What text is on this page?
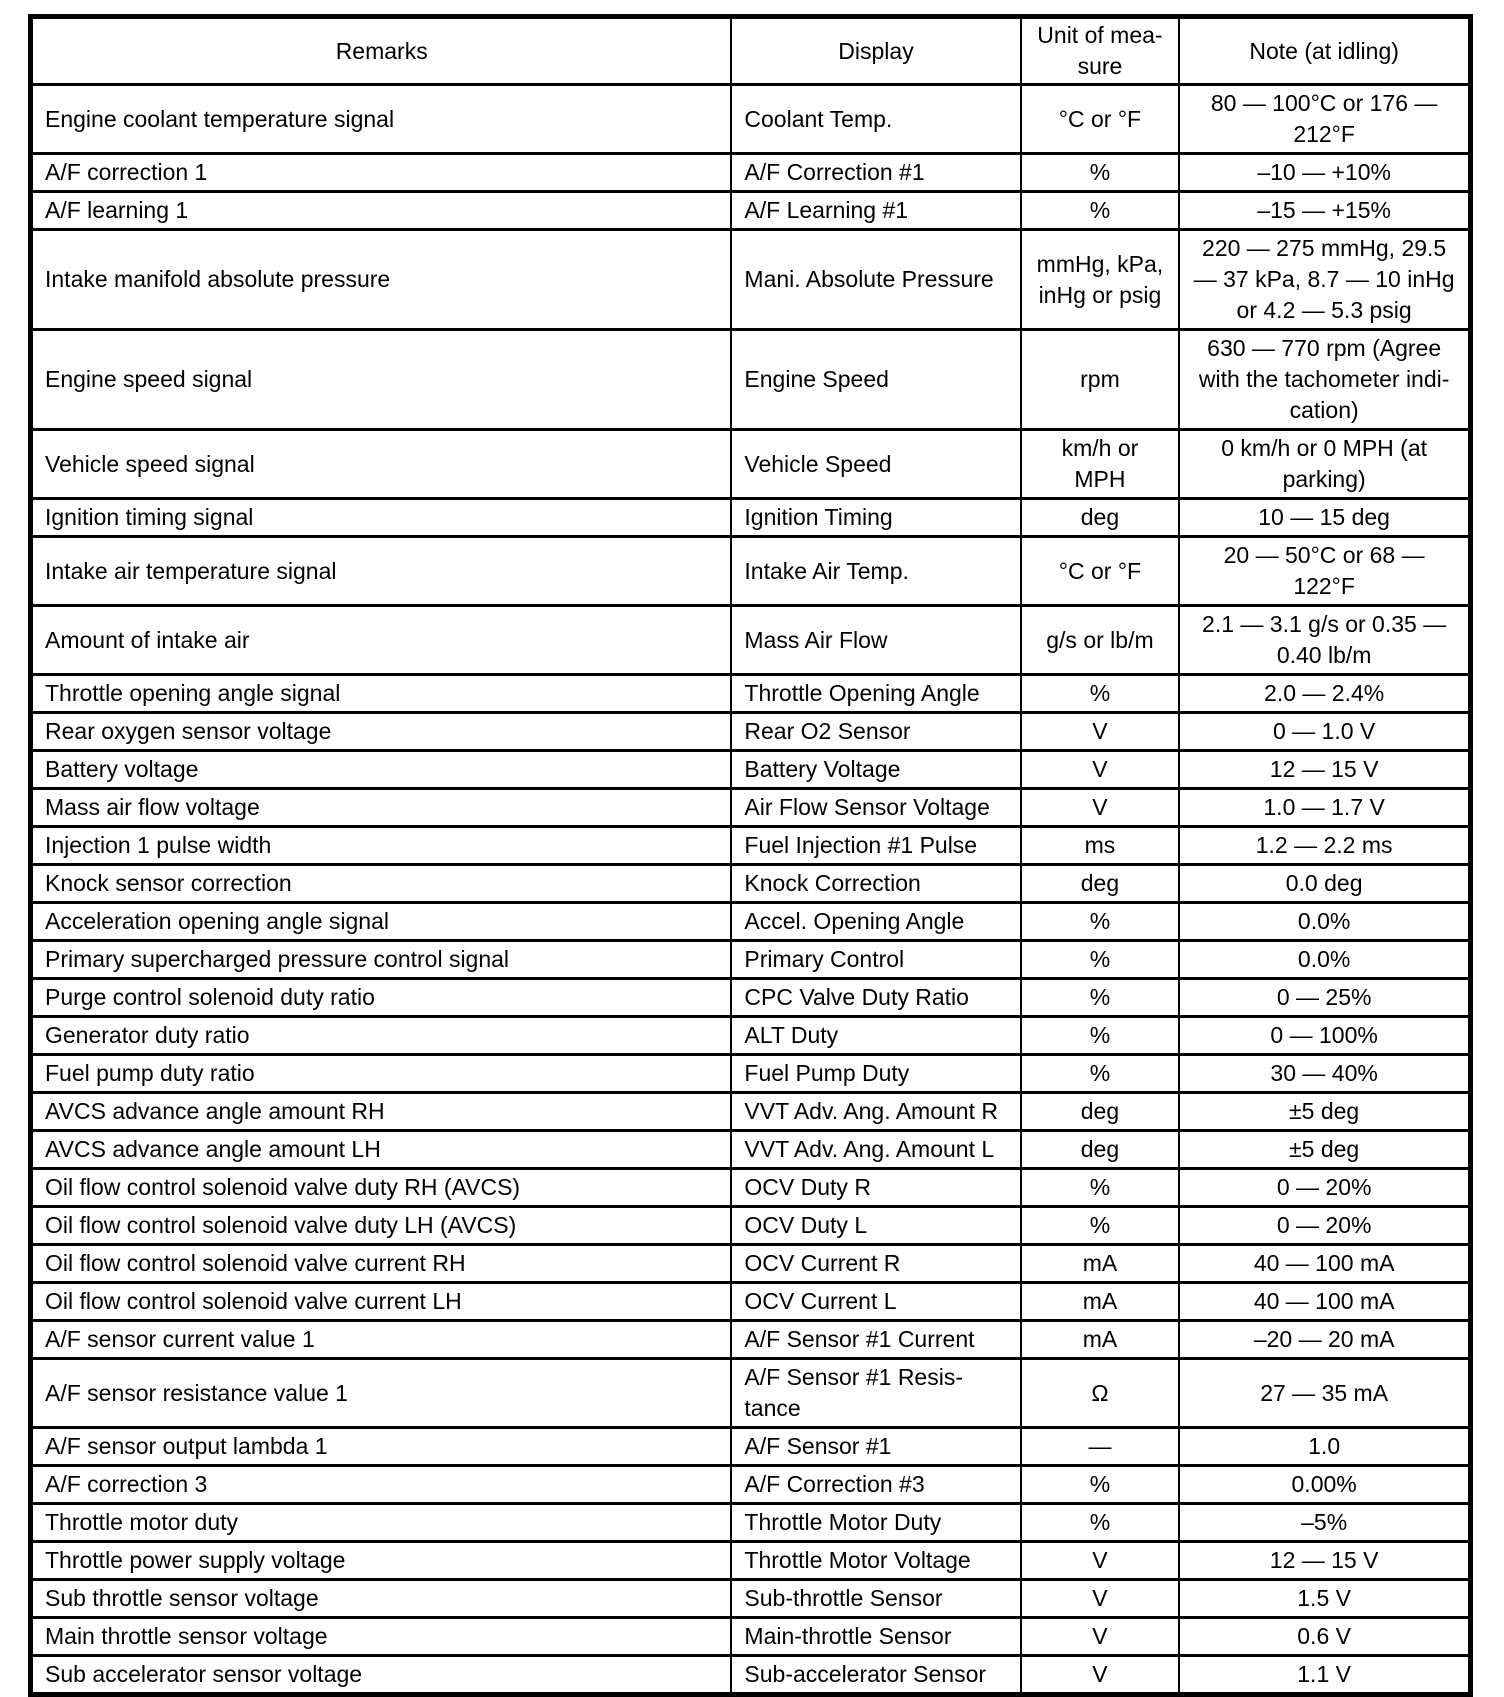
Remarks	Display	Unit of measure	Note (at idling)
Engine coolant temperature signal	Coolant Temp.	°C or °F	80 — 100°C or 176 — 212°F
A/F correction 1	A/F Correction #1	%	–10 — +10%
A/F learning 1	A/F Learning #1	%	–15 — +15%
Intake manifold absolute pressure	Mani. Absolute Pressure	mmHg, kPa, inHg or psig	220 — 275 mmHg, 29.5 — 37 kPa, 8.7 — 10 inHg or 4.2 — 5.3 psig
Engine speed signal	Engine Speed	rpm	630 — 770 rpm (Agree with the tachometer indication)
Vehicle speed signal	Vehicle Speed	km/h or MPH	0 km/h or 0 MPH (at parking)
Ignition timing signal	Ignition Timing	deg	10 — 15 deg
Intake air temperature signal	Intake Air Temp.	°C or °F	20 — 50°C or 68 — 122°F
Amount of intake air	Mass Air Flow	g/s or lb/m	2.1 — 3.1 g/s or 0.35 — 0.40 lb/m
Throttle opening angle signal	Throttle Opening Angle	%	2.0 — 2.4%
Rear oxygen sensor voltage	Rear O2 Sensor	V	0 — 1.0 V
Battery voltage	Battery Voltage	V	12 — 15 V
Mass air flow voltage	Air Flow Sensor Voltage	V	1.0 — 1.7 V
Injection 1 pulse width	Fuel Injection #1 Pulse	ms	1.2 — 2.2 ms
Knock sensor correction	Knock Correction	deg	0.0 deg
Acceleration opening angle signal	Accel. Opening Angle	%	0.0%
Primary supercharged pressure control signal	Primary Control	%	0.0%
Purge control solenoid duty ratio	CPC Valve Duty Ratio	%	0 — 25%
Generator duty ratio	ALT Duty	%	0 — 100%
Fuel pump duty ratio	Fuel Pump Duty	%	30 — 40%
AVCS advance angle amount RH	VVT Adv. Ang. Amount R	deg	±5 deg
AVCS advance angle amount LH	VVT Adv. Ang. Amount L	deg	±5 deg
Oil flow control solenoid valve duty RH (AVCS)	OCV Duty R	%	0 — 20%
Oil flow control solenoid valve duty LH (AVCS)	OCV Duty L	%	0 — 20%
Oil flow control solenoid valve current RH	OCV Current R	mA	40 — 100 mA
Oil flow control solenoid valve current LH	OCV Current L	mA	40 — 100 mA
A/F sensor current value 1	A/F Sensor #1 Current	mA	–20 — 20 mA
A/F sensor resistance value 1	A/F Sensor #1 Resistance	Ω	27 — 35 mA
A/F sensor output lambda 1	A/F Sensor #1	—	1.0
A/F correction 3	A/F Correction #3	%	0.00%
Throttle motor duty	Throttle Motor Duty	%	–5%
Throttle power supply voltage	Throttle Motor Voltage	V	12 — 15 V
Sub throttle sensor voltage	Sub-throttle Sensor	V	1.5 V
Main throttle sensor voltage	Main-throttle Sensor	V	0.6 V
Sub accelerator sensor voltage	Sub-accelerator Sensor	V	1.1 V
